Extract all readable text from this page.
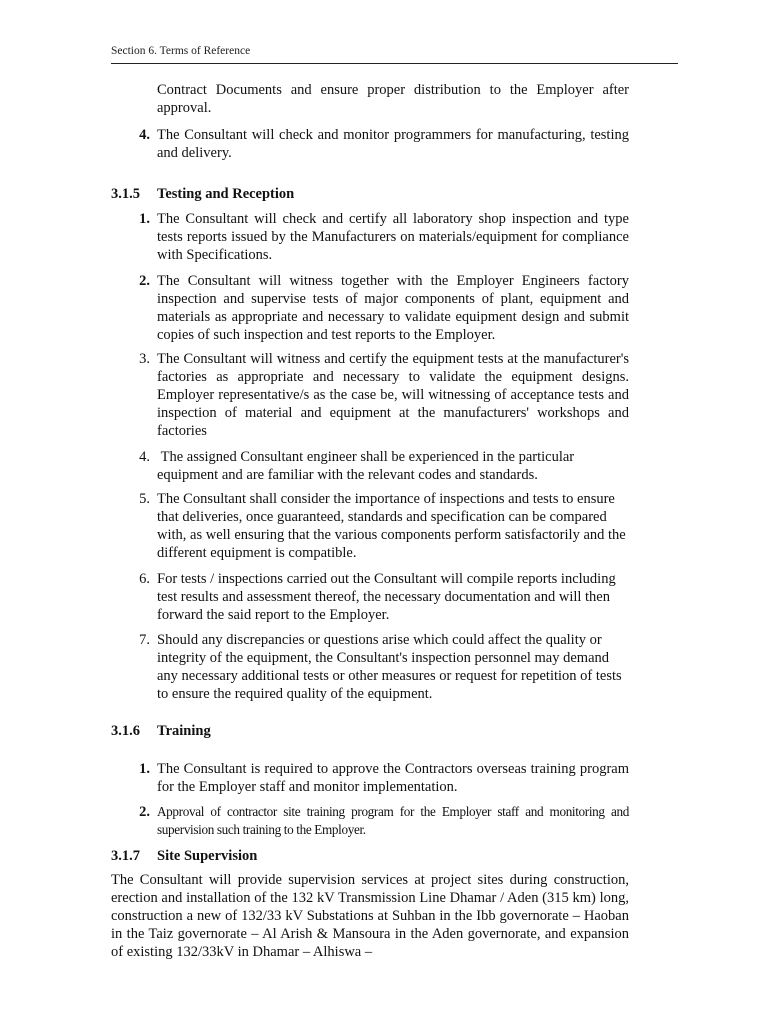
Section 6. Terms of Reference
Contract Documents and ensure proper distribution to the Employer after approval.
4. The Consultant will check and monitor programmers for manufacturing, testing and delivery.
3.1.5 Testing and Reception
1. The Consultant will check and certify all laboratory shop inspection and type tests reports issued by the Manufacturers on materials/equipment for compliance with Specifications.
2. The Consultant will witness together with the Employer Engineers factory inspection and supervise tests of major components of plant, equipment and materials as appropriate and necessary to validate equipment design and submit copies of such inspection and test reports to the Employer.
3. The Consultant will witness and certify the equipment tests at the manufacturer's factories as appropriate and necessary to validate the equipment designs. Employer representative/s as the case be, will witnessing of acceptance tests and inspection of material and equipment at the manufacturers' workshops and factories
4. The assigned Consultant engineer shall be experienced in the particular equipment and are familiar with the relevant codes and standards.
5. The Consultant shall consider the importance of inspections and tests to ensure that deliveries, once guaranteed, standards and specification can be compared with, as well ensuring that the various components perform satisfactorily and the different equipment is compatible.
6. For tests / inspections carried out the Consultant will compile reports including test results and assessment thereof, the necessary documentation and will then forward the said report to the Employer.
7. Should any discrepancies or questions arise which could affect the quality or integrity of the equipment, the Consultant's inspection personnel may demand any necessary additional tests or other measures or request for repetition of tests to ensure the required quality of the equipment.
3.1.6 Training
1. The Consultant is required to approve the Contractors overseas training program for the Employer staff and monitor implementation.
2. Approval of contractor site training program for the Employer staff and monitoring and supervision such training to the Employer.
3.1.7 Site Supervision
The Consultant will provide supervision services at project sites during construction, erection and installation of the 132 kV Transmission Line Dhamar / Aden (315 km) long, construction a new of 132/33 kV Substations at Suhban in the Ibb governorate – Haoban in the Taiz governorate – Al Arish & Mansoura in the Aden governorate, and expansion of existing 132/33kV in Dhamar – Alhiswa –
